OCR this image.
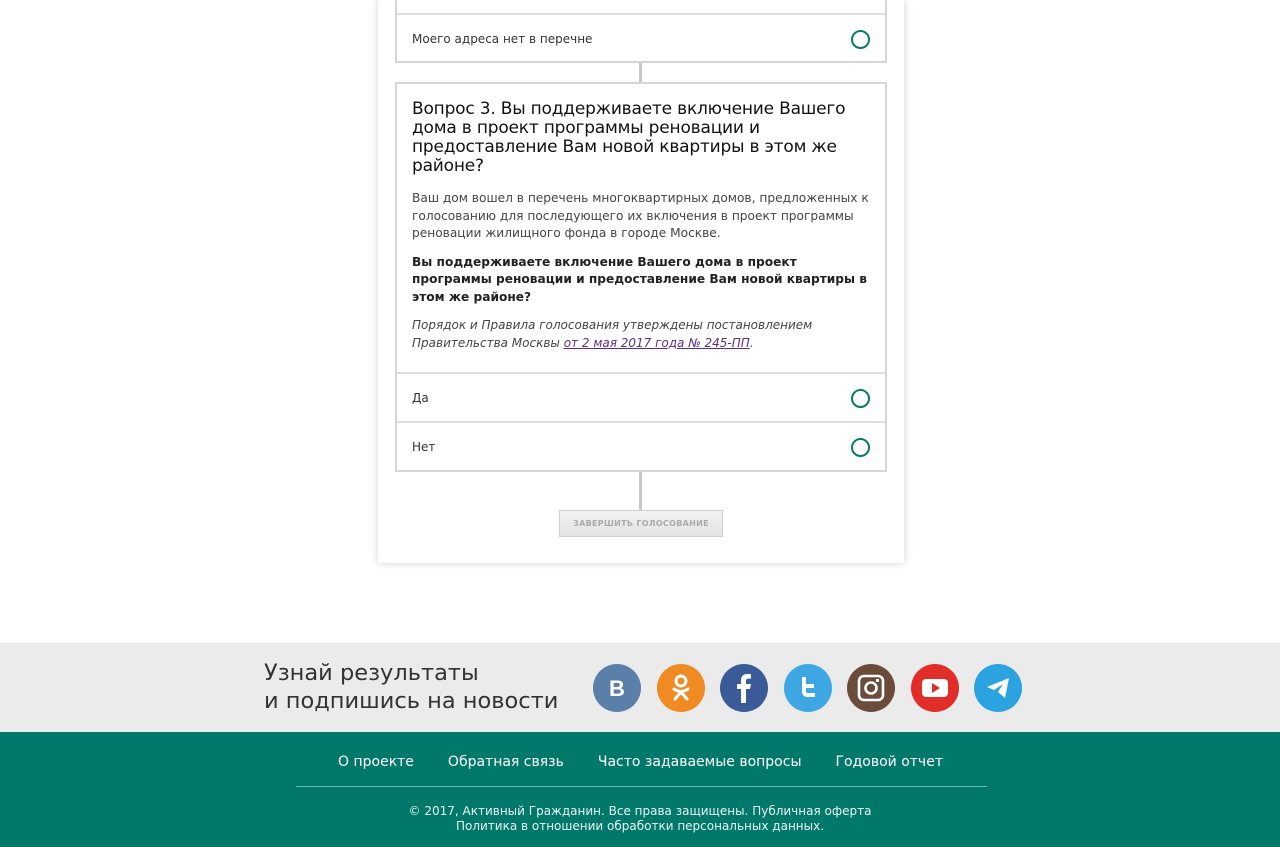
Моего адреса нет в перечне
Вопрос 3. Вы поддерживаете включение Вашего дома в проект программы реновации и предоставление Вам новой квартиры в этом же районе?

Ваш дом вошел в перечень многоквартирных домов, предложенных к голосованию для последующего их включения в проект программы реновации жилищного фонда в городе Москве.

Вы поддерживаете включение Вашего дома в проект программы реновации и предоставление Вам новой квартиры в этом же районе?

Порядок и Правила голосования утверждены постановлением Правительства Москвы от 2 мая 2017 года № 245-ПП.

Да
Нет
ЗАВЕРШИТЬ ГОЛОСОВАНИЕ
Узнай результаты
и подпишись на новости В
О проекте Обратная связь Часто задаваемые вопросы Годовой отчет
© 2017, Активный Гражданин. Все права защищены. Публичная оферта
Политика в отношении обработки персональных данных.
